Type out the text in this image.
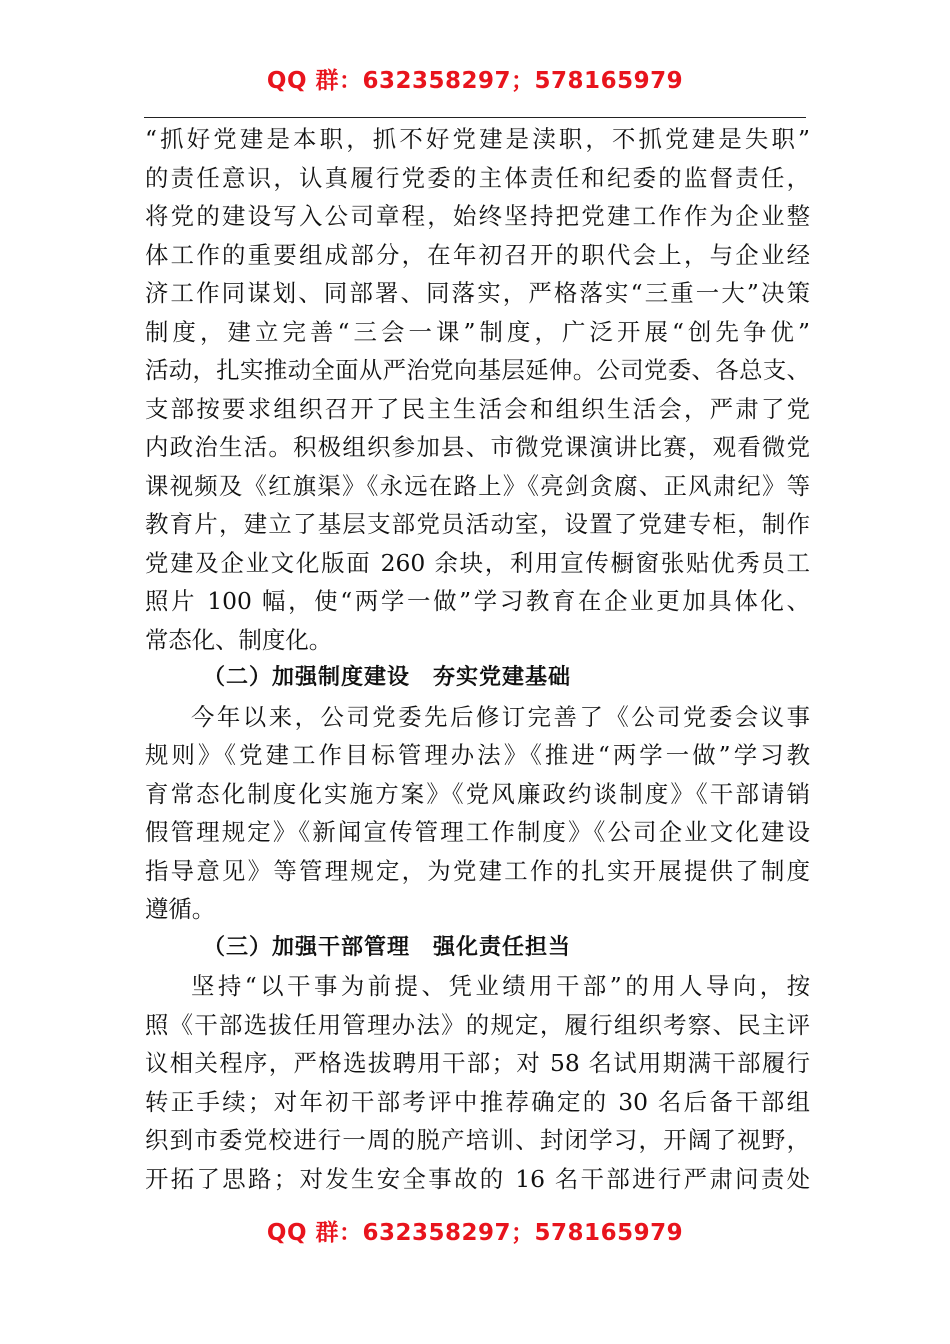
QQ 群：632358297；578165979
“抓好党建是本职，抓不好党建是渎职，不抓党建是失职”
的责任意识，认真履行党委的主体责任和纪委的监督责任，
将党的建设写入公司章程，始终坚持把党建工作作为企业整
体工作的重要组成部分，在年初召开的职代会上，与企业经
济工作同谋划、同部署、同落实，严格落实“三重一大”决策
制度，建立完善“三会一课”制度，广泛开展“创先争优”
活动，扎实推动全面从严治党向基层延伸。公司党委、各总支、
支部按要求组织召开了民主生活会和组织生活会，严肃了党
内政治生活。积极组织参加县、市微党课演讲比赛，观看微党
课视频及《红旗渠》《永远在路上》《亮剑贪腐、正风肃纪》等
教育片，建立了基层支部党员活动室，设置了党建专柜，制作
党建及企业文化版面 260 余块，利用宣传橱窗张贴优秀员工
照片 100 幅，使“两学一做”学习教育在企业更加具体化、
常态化、制度化。
（二）加强制度建设　夯实党建基础
今年以来，公司党委先后修订完善了《公司党委会议事
规则》《党建工作目标管理办法》《推进“两学一做”学习教
育常态化制度化实施方案》《党风廉政约谈制度》《干部请销
假管理规定》《新闻宣传管理工作制度》《公司企业文化建设
指导意见》等管理规定，为党建工作的扎实开展提供了制度
遵循。
（三）加强干部管理　强化责任担当
坚持“以干事为前提、凭业绩用干部”的用人导向，按
照《干部选拔任用管理办法》的规定，履行组织考察、民主评
议相关程序，严格选拔聘用干部；对 58 名试用期满干部履行
转正手续；对年初干部考评中推荐确定的 30 名后备干部组
织到市委党校进行一周的脱产培训、封闭学习，开阔了视野，
开拓了思路；对发生安全事故的 16 名干部进行严肃问责处
QQ 群：632358297；578165979
